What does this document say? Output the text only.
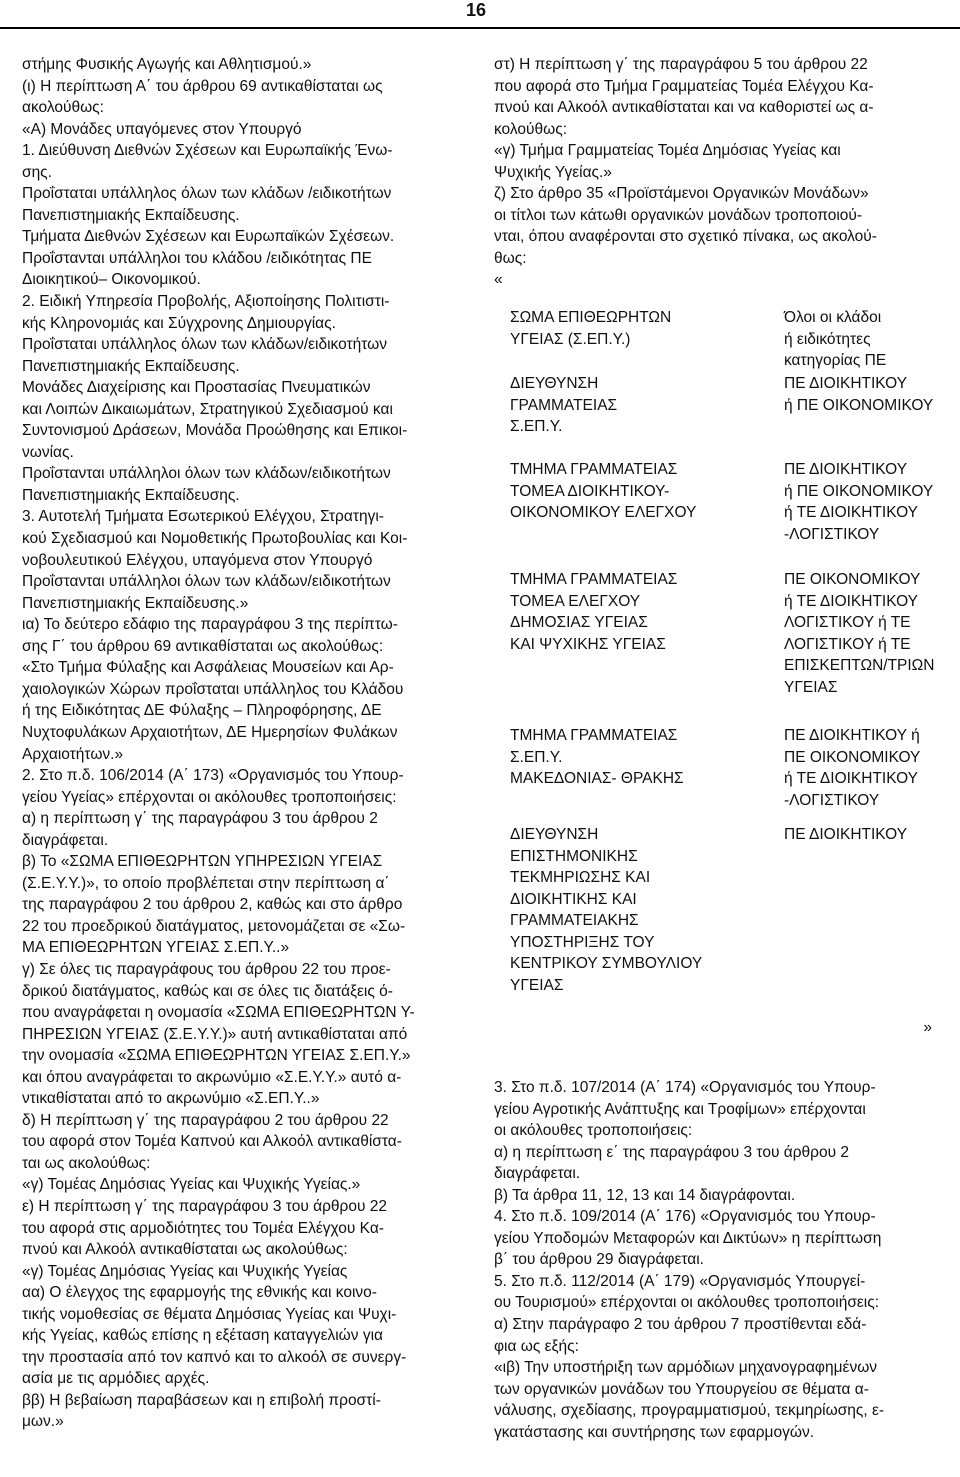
16
στήμης Φυσικής Αγωγής και Αθλητισμού.»
(ι) Η περίπτωση Α΄ του άρθρου 69 αντικαθίσταται ως
ακολούθως:
«Α) Μονάδες υπαγόμενες στον Υπουργό
1. Διεύθυνση Διεθνών Σχέσεων και Ευρωπαϊκής Ένω-
σης.
Προΐσταται υπάλληλος όλων των κλάδων /ειδικοτήτων
Πανεπιστημιακής Εκπαίδευσης.
Τμήματα Διεθνών Σχέσεων και Ευρωπαϊκών Σχέσεων.
Προΐστανται υπάλληλοι του κλάδου /ειδικότητας ΠΕ
Διοικητικού– Οικονομικού.
2. Ειδική Υπηρεσία Προβολής, Αξιοποίησης Πολιτιστι-
κής Κληρονομιάς και Σύγχρονης Δημιουργίας.
Προΐσταται υπάλληλος όλων των κλάδων/ειδικοτήτων
Πανεπιστημιακής Εκπαίδευσης.
Μονάδες Διαχείρισης και Προστασίας Πνευματικών
και Λοιπών Δικαιωμάτων, Στρατηγικού Σχεδιασμού και
Συντονισμού Δράσεων, Μονάδα Προώθησης και Επικοι-
νωνίας.
Προΐστανται υπάλληλοι όλων των κλάδων/ειδικοτήτων
Πανεπιστημιακής Εκπαίδευσης.
3. Αυτοτελή Τμήματα Εσωτερικού Ελέγχου, Στρατηγι-
κού Σχεδιασμού και Νομοθετικής Πρωτοβουλίας και Κοι-
νοβουλευτικού Ελέγχου, υπαγόμενα στον Υπουργό
Προΐστανται υπάλληλοι όλων των κλάδων/ειδικοτήτων
Πανεπιστημιακής Εκπαίδευσης.»
ια) Το δεύτερο εδάφιο της παραγράφου 3 της περίπτω-
σης Γ΄ του άρθρου 69 αντικαθίσταται ως ακολούθως:
«Στο Τμήμα Φύλαξης και Ασφάλειας Μουσείων και Αρ-
χαιολογικών Χώρων προΐσταται υπάλληλος του Κλάδου
ή της Ειδικότητας ΔΕ Φύλαξης – Πληροφόρησης, ΔΕ
Νυχτοφυλάκων Αρχαιοτήτων, ΔΕ Ημερησίων Φυλάκων
Αρχαιοτήτων.»
2. Στο π.δ. 106/2014 (Α΄ 173) «Οργανισμός του Υπουρ-
γείου Υγείας» επέρχονται οι ακόλουθες τροποποιήσεις:
α) η περίπτωση γ΄ της παραγράφου 3 του άρθρου 2
διαγράφεται.
β) Το «ΣΩΜΑ ΕΠΙΘΕΩΡΗΤΩΝ ΥΠΗΡΕΣΙΩΝ ΥΓΕΙΑΣ
(Σ.Ε.Υ.Υ.)», το οποίο προβλέπεται στην περίπτωση α΄
της παραγράφου 2 του άρθρου 2, καθώς και στο άρθρο
22 του προεδρικού διατάγματος, μετονομάζεται σε «Σω-
ΜΑ ΕΠΙΘΕΩΡΗΤΩΝ ΥΓΕΙΑΣ Σ.ΕΠ.Υ..»
γ) Σε όλες τις παραγράφους του άρθρου 22 του προε-
δρικού διατάγματος, καθώς και σε όλες τις διατάξεις ό-
που αναγράφεται η ονομασία «ΣΩΜΑ ΕΠΙΘΕΩΡΗΤΩΝ Υ-
ΠΗΡΕΣΙΩΝ ΥΓΕΙΑΣ (Σ.Ε.Υ.Υ.)» αυτή αντικαθίσταται από
την ονομασία «ΣΩΜΑ ΕΠΙΘΕΩΡΗΤΩΝ ΥΓΕΙΑΣ Σ.ΕΠ.Υ.»
και όπου αναγράφεται το ακρωνύμιο «Σ.Ε.Υ.Υ.» αυτό α-
ντικαθίσταται από το ακρωνύμιο «Σ.ΕΠ.Υ..»
δ) Η περίπτωση γ΄ της παραγράφου 2 του άρθρου 22
του αφορά στον Τομέα Καπνού και Αλκοόλ αντικαθίστα-
ται ως ακολούθως:
«γ) Τομέας Δημόσιας Υγείας και Ψυχικής Υγείας.»
ε) Η περίπτωση γ΄ της παραγράφου 3 του άρθρου 22
του αφορά στις αρμοδιότητες του Τομέα Ελέγχου Κα-
πνού και Αλκοόλ αντικαθίσταται ως ακολούθως:
«γ) Τομέας Δημόσιας Υγείας και Ψυχικής Υγείας
αα) Ο έλεγχος της εφαρμογής της εθνικής και κοινο-
τικής νομοθεσίας σε θέματα Δημόσιας Υγείας και Ψυχι-
κής Υγείας, καθώς επίσης η εξέταση καταγγελιών για
την προστασία από τον καπνό και το αλκοόλ σε συνεργ-
ασία με τις αρμόδιες αρχές.
ββ) Η βεβαίωση παραβάσεων και η επιβολή προστί-
μων.»
στ) Η περίπτωση γ΄ της παραγράφου 5 του άρθρου 22
που αφορά στο Τμήμα Γραμματείας Τομέα Ελέγχου Κα-
πνού και Αλκοόλ αντικαθίσταται και να καθοριστεί ως α-
κολούθως:
«γ) Τμήμα Γραμματείας Τομέα Δημόσιας Υγείας και
Ψυχικής Υγείας.»
ζ) Στο άρθρο 35 «Προϊστάμενοι Οργανικών Μονάδων»
οι τίτλοι των κάτωθι οργανικών μονάδων τροποποιού-
νται, όπου αναφέρονται στο σχετικό πίνακα, ως ακολού-
θως:
«
ΣΩΜΑ ΕΠΙΘΕΩΡΗΤΩΝ
ΥΓΕΙΑΣ (Σ.ΕΠ.Υ.)
Όλοι οι κλάδοι
ή ειδικότητες
κατηγορίας ΠΕ
ΔΙΕΥΘΥΝΣΗ
ΓΡΑΜΜΑΤΕΙΑΣ
Σ.ΕΠ.Υ.
ΠΕ ΔΙΟΙΚΗΤΙΚΟΥ
ή ΠΕ ΟΙΚΟΝΟΜΙΚΟΥ
ΤΜΗΜΑ ΓΡΑΜΜΑΤΕΙΑΣ
ΤΟΜΕΑ ΔΙΟΙΚΗΤΙΚΟΥ-
ΟΙΚΟΝΟΜΙΚΟΥ ΕΛΕΓΧΟΥ
ΠΕ ΔΙΟΙΚΗΤΙΚΟΥ
ή ΠΕ ΟΙΚΟΝΟΜΙΚΟΥ
ή ΤΕ ΔΙΟΙΚΗΤΙΚΟΥ
-ΛΟΓΙΣΤΙΚΟΥ
ΤΜΗΜΑ ΓΡΑΜΜΑΤΕΙΑΣ
ΤΟΜΕΑ ΕΛΕΓΧΟΥ
ΔΗΜΟΣΙΑΣ ΥΓΕΙΑΣ
ΚΑΙ ΨΥΧΙΚΗΣ ΥΓΕΙΑΣ
ΠΕ ΟΙΚΟΝΟΜΙΚΟΥ
ή ΤΕ ΔΙΟΙΚΗΤΙΚΟΥ
ΛΟΓΙΣΤΙΚΟΥ ή ΤΕ
ΛΟΓΙΣΤΙΚΟΥ ή ΤΕ
ΕΠΙΣΚΕΠΤΩΝ/ΤΡΙΩΝ
ΥΓΕΙΑΣ
ΤΜΗΜΑ ΓΡΑΜΜΑΤΕΙΑΣ
Σ.ΕΠ.Υ.
ΜΑΚΕΔΟΝΙΑΣ- ΘΡΑΚΗΣ
ΠΕ ΔΙΟΙΚΗΤΙΚΟΥ ή
ΠΕ ΟΙΚΟΝΟΜΙΚΟΥ
ή ΤΕ ΔΙΟΙΚΗΤΙΚΟΥ
-ΛΟΓΙΣΤΙΚΟΥ
ΔΙΕΥΘΥΝΣΗ
ΕΠΙΣΤΗΜΟΝΙΚΗΣ
ΤΕΚΜΗΡΙΩΣΗΣ ΚΑΙ
ΔΙΟΙΚΗΤΙΚΗΣ ΚΑΙ
ΓΡΑΜΜΑΤΕΙΑΚΗΣ
ΥΠΟΣΤΗΡΙΞΗΣ ΤΟΥ
ΚΕΝΤΡΙΚΟΥ ΣΥΜΒΟΥΛΙΟΥ
ΥΓΕΙΑΣ
ΠΕ ΔΙΟΙΚΗΤΙΚΟΥ
»
3. Στο π.δ. 107/2014 (Α΄ 174) «Οργανισμός του Υπουρ-
γείου Αγροτικής Ανάπτυξης και Τροφίμων» επέρχονται
οι ακόλουθες τροποποιήσεις:
α) η περίπτωση ε΄ της παραγράφου 3 του άρθρου 2
διαγράφεται.
β) Τα άρθρα 11, 12, 13 και 14 διαγράφονται.
4. Στο π.δ. 109/2014 (Α΄ 176) «Οργανισμός του Υπουρ-
γείου Υποδομών Μεταφορών και Δικτύων» η περίπτωση
β΄ του άρθρου 29 διαγράφεται.
5. Στο π.δ. 112/2014 (Α΄ 179) «Οργανισμός Υπουργεί-
ου Τουρισμού» επέρχονται οι ακόλουθες τροποποιήσεις:
α) Στην παράγραφο 2 του άρθρου 7 προστίθενται εδά-
φια ως εξής:
«ιβ) Την υποστήριξη των αρμόδιων μηχανογραφημένων
των οργανικών μονάδων του Υπουργείου σε θέματα α-
νάλυσης, σχεδίασης, προγραμματισμού, τεκμηρίωσης, ε-
γκατάστασης και συντήρησης των εφαρμογών.
